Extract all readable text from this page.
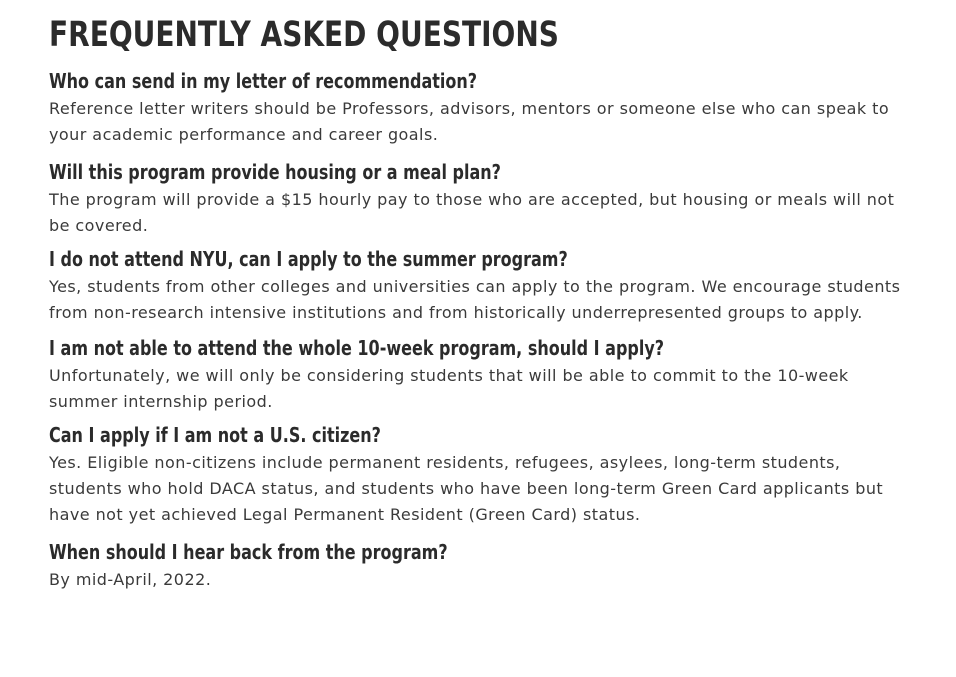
FREQUENTLY ASKED QUESTIONS
Who can send in my letter of recommendation?

Reference letter writers should be Professors, advisors, mentors or someone else who can speak to your academic performance and career goals.

Will this program provide housing or a meal plan?

The program will provide a $15 hourly pay to those who are accepted, but housing or meals will not be covered.

I do not attend NYU, can I apply to the summer program?

Yes, students from other colleges and universities can apply to the program. We encourage students from non-research intensive institutions and from historically underrepresented groups to apply.

I am not able to attend the whole 10-week program, should I apply?

Unfortunately, we will only be considering students that will be able to commit to the 10-week summer internship period.

Can I apply if I am not a U.S. citizen?

Yes. Eligible non-citizens include permanent residents, refugees, asylees, long-term students, students who hold DACA status, and students who have been long-term Green Card applicants but have not yet achieved Legal Permanent Resident (Green Card) status.

When should I hear back from the program?

By mid-April, 2022.
